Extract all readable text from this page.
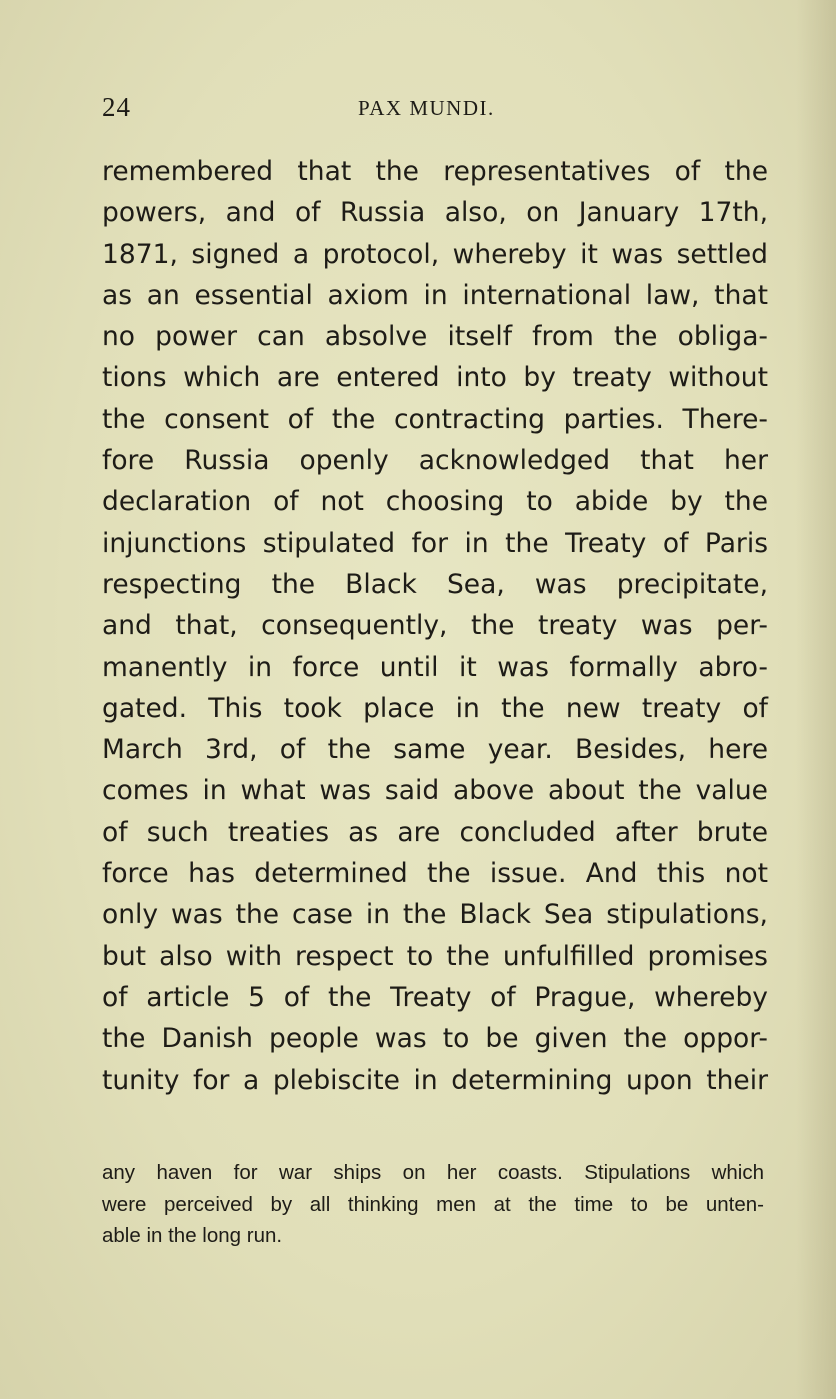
24	PAX MUNDI.
remembered that the representatives of the
powers, and of Russia also, on January 17th,
1871, signed a protocol, whereby it was settled
as an essential axiom in international law, that
no power can absolve itself from the obliga-
tions which are entered into by treaty without
the consent of the contracting parties. There-
fore Russia openly acknowledged that her
declaration of not choosing to abide by the
injunctions stipulated for in the Treaty of Paris
respecting the Black Sea, was precipitate,
and that, consequently, the treaty was per-
manently in force until it was formally abro-
gated. This took place in the new treaty of
March 3rd, of the same year. Besides, here
comes in what was said above about the value
of such treaties as are concluded after brute
force has determined the issue. And this not
only was the case in the Black Sea stipulations,
but also with respect to the unfulfilled promises
of article 5 of the Treaty of Prague, whereby
the Danish people was to be given the oppor-
tunity for a plebiscite in determining upon their
any haven for war ships on her coasts. Stipulations which
were perceived by all thinking men at the time to be unten-
able in the long run.
